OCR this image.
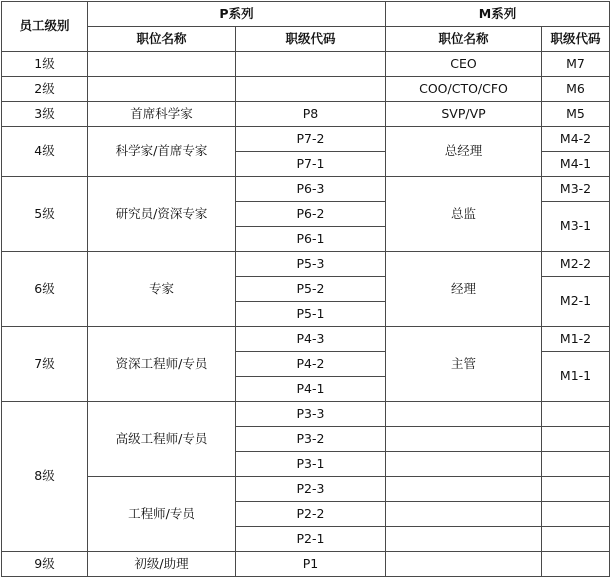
员工级别	P系列		M系列	
	职位名称	职级代码	职位名称	职级代码
1级			CEO	M7
2级			COO/CTO/CFO	M6
3级	首席科学家	P8	SVP/VP	M5
4级	科学家/首席专家	P7-2	总经理	M4-2
		P7-1		M4-1
5级	研究员/资深专家	P6-3	总监	M3-2
		P6-2		M3-1
		P6-1		
6级	专家	P5-3	经理	M2-2
		P5-2		M2-1
		P5-1		
7级	资深工程师/专员	P4-3	主管	M1-2
		P4-2		M1-1
		P4-1		
8级	高级工程师/专员	P3-3		
		P3-2		
		P3-1		
	工程师/专员	P2-3		
		P2-2		
		P2-1		
9级	初级/助理	P1		
